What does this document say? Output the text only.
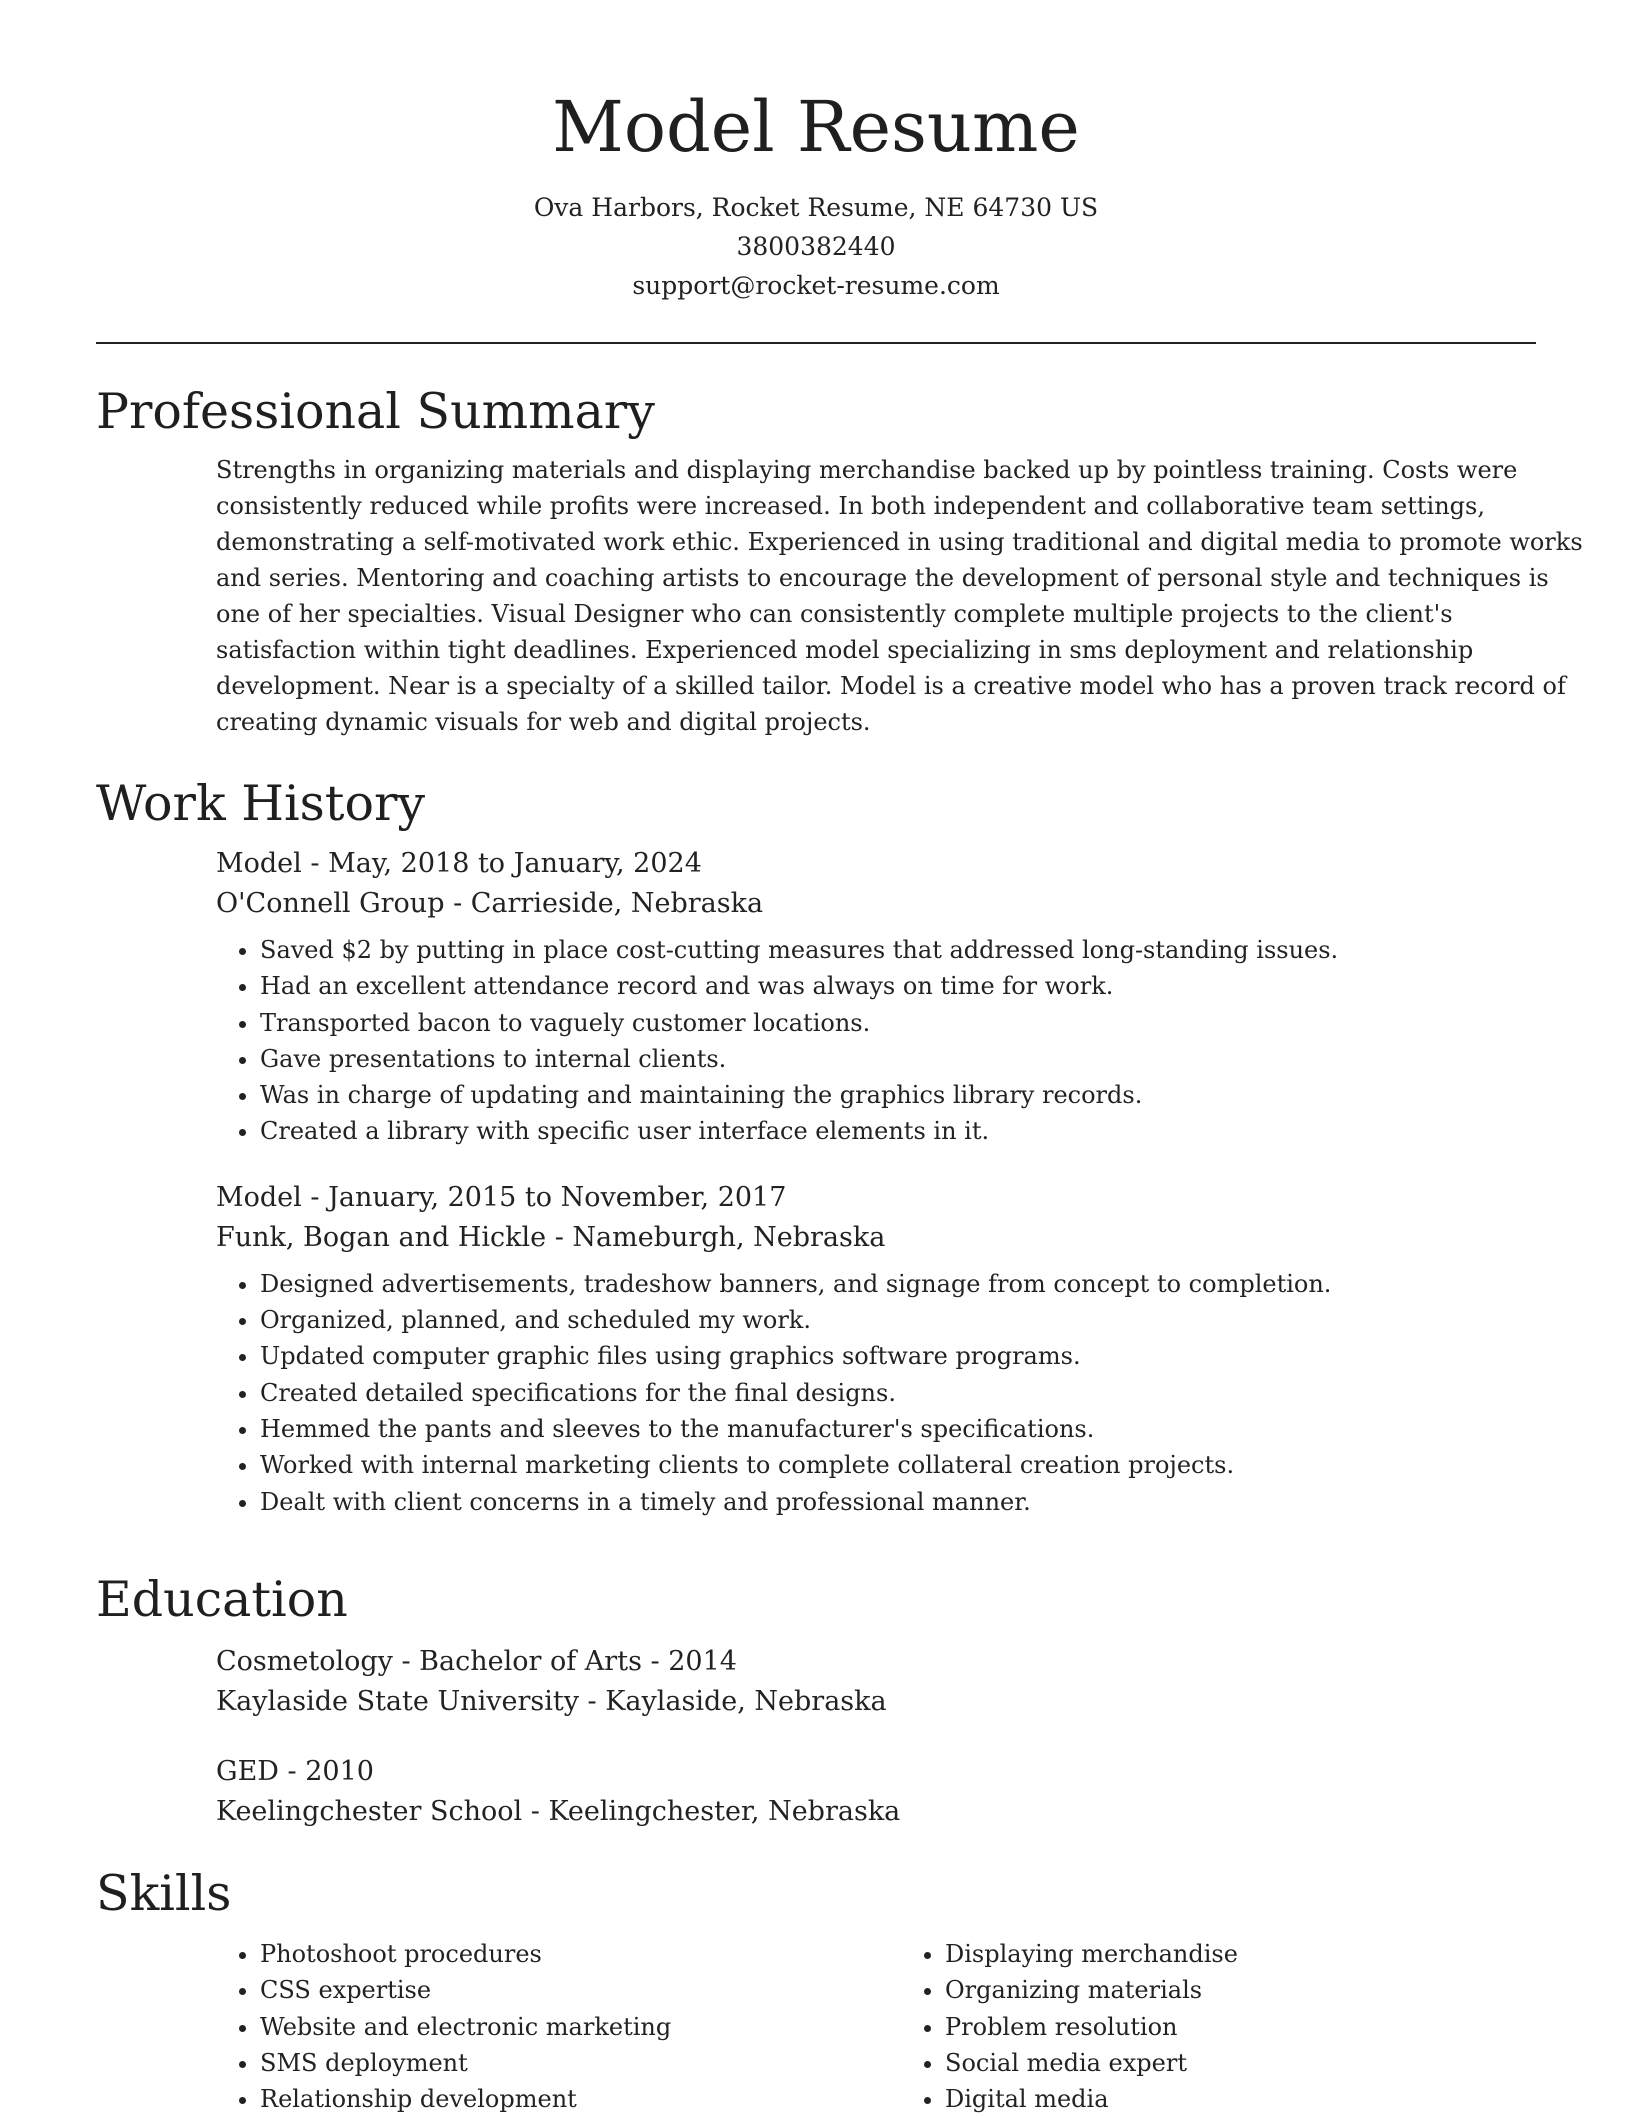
Model Resume
Ova Harbors, Rocket Resume, NE 64730 US
3800382440
support@rocket-resume.com
Professional Summary
Strengths in organizing materials and displaying merchandise backed up by pointless training. Costs were consistently reduced while profits were increased. In both independent and collaborative team settings, demonstrating a self-motivated work ethic. Experienced in using traditional and digital media to promote works and series. Mentoring and coaching artists to encourage the development of personal style and techniques is one of her specialties. Visual Designer who can consistently complete multiple projects to the client's satisfaction within tight deadlines. Experienced model specializing in sms deployment and relationship development. Near is a specialty of a skilled tailor. Model is a creative model who has a proven track record of creating dynamic visuals for web and digital projects.
Work History
Model - May, 2018 to January, 2024
O'Connell Group - Carrieside, Nebraska
• Saved $2 by putting in place cost-cutting measures that addressed long-standing issues.
• Had an excellent attendance record and was always on time for work.
• Transported bacon to vaguely customer locations.
• Gave presentations to internal clients.
• Was in charge of updating and maintaining the graphics library records.
• Created a library with specific user interface elements in it.
Model - January, 2015 to November, 2017
Funk, Bogan and Hickle - Nameburgh, Nebraska
• Designed advertisements, tradeshow banners, and signage from concept to completion.
• Organized, planned, and scheduled my work.
• Updated computer graphic files using graphics software programs.
• Created detailed specifications for the final designs.
• Hemmed the pants and sleeves to the manufacturer's specifications.
• Worked with internal marketing clients to complete collateral creation projects.
• Dealt with client concerns in a timely and professional manner.
Education
Cosmetology - Bachelor of Arts - 2014
Kaylaside State University - Kaylaside, Nebraska
GED - 2010
Keelingchester School - Keelingchester, Nebraska
Skills
• Photoshoot procedures
• CSS expertise
• Website and electronic marketing
• SMS deployment
• Relationship development
• Displaying merchandise
• Organizing materials
• Problem resolution
• Social media expert
• Digital media
